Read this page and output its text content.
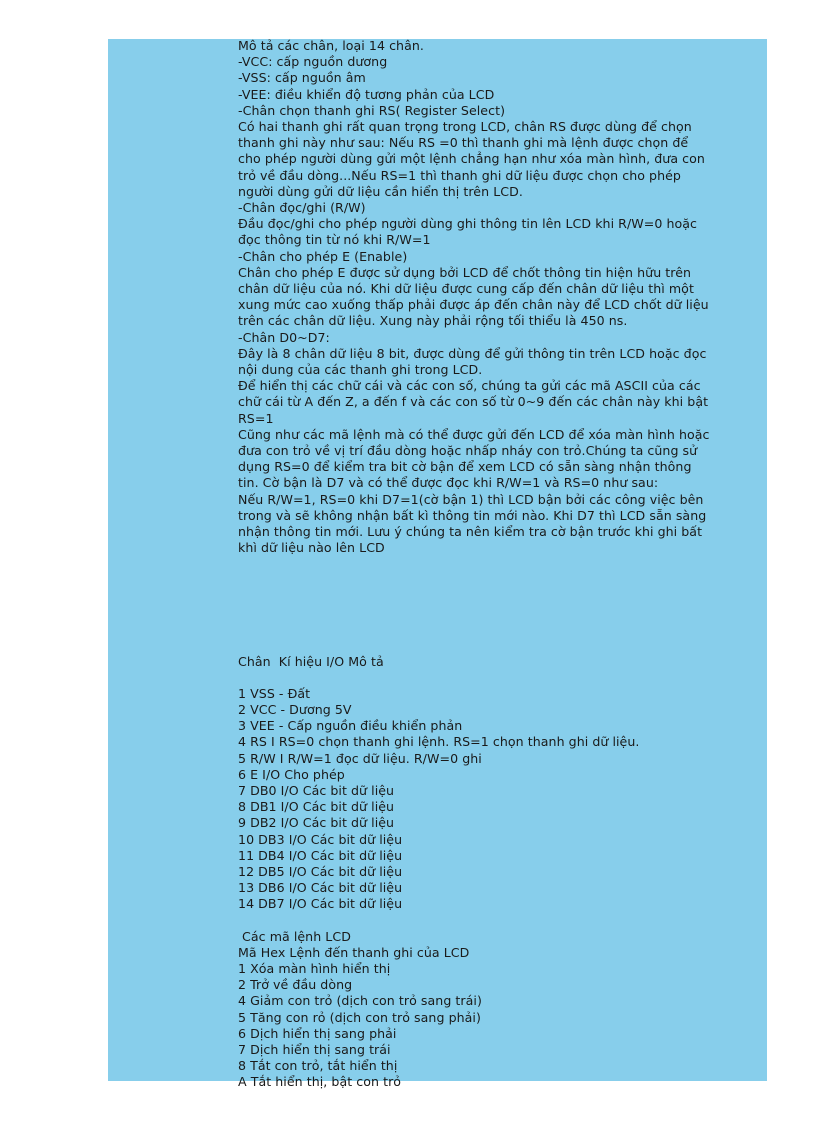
Mô tả các chân, loại 14 chân.
-VCC: cấp nguồn dương
-VSS: cấp nguồn âm
-VEE: điều khiển độ tương phản của LCD
-Chân chọn thanh ghi RS( Register Select)
Có hai thanh ghi rất quan trọng trong LCD, chân RS được dùng để chọn
thanh ghi này như sau: Nếu RS =0 thì thanh ghi mà lệnh được chọn để
cho phép người dùng gửi một lệnh chẳng hạn như xóa màn hình, đưa con
trỏ về đầu dòng...Nếu RS=1 thì thanh ghi dữ liệu được chọn cho phép
người dùng gửi dữ liệu cần hiển thị trên LCD.
-Chân đọc/ghi (R/W)
Đầu đọc/ghi cho phép người dùng ghi thông tin lên LCD khi R/W=0 hoặc
đọc thông tin từ nó khi R/W=1
-Chân cho phép E (Enable)
Chân cho phép E được sử dụng bởi LCD để chốt thông tin hiện hữu trên
chân dữ liệu của nó. Khi dữ liệu được cung cấp đến chân dữ liệu thì một
xung mức cao xuống thấp phải được áp đến chân này để LCD chốt dữ liệu
trên các chân dữ liệu. Xung này phải rộng tối thiểu là 450 ns.
-Chân D0~D7:
Đây là 8 chân dữ liệu 8 bit, được dùng để gửi thông tin trên LCD hoặc đọc
nội dung của các thanh ghi trong LCD.
Để hiển thị các chữ cái và các con số, chúng ta gửi các mã ASCII của các
chữ cái từ A đến Z, a đến f và các con số từ 0~9 đến các chân này khi bật
RS=1
Cũng như các mã lệnh mà có thể được gửi đến LCD để xóa màn hình hoặc
đưa con trỏ về vị trí đầu dòng hoặc nhấp nháy con trỏ.Chúng ta cũng sử
dụng RS=0 để kiểm tra bit cờ bận để xem LCD có sẵn sàng nhận thông
tin. Cờ bận là D7 và có thể được đọc khi R/W=1 và RS=0 như sau:
Nếu R/W=1, RS=0 khi D7=1(cờ bận 1) thì LCD bận bởi các công việc bên
trong và sẽ không nhận bất kì thông tin mới nào. Khi D7 thì LCD sẵn sàng
nhận thông tin mới. Lưu ý chúng ta nên kiểm tra cờ bận trước khi ghi bất
khì dữ liệu nào lên LCD
Chân  Kí hiệu I/O Mô tả
1 VSS - Đất
2 VCC - Dương 5V
3 VEE - Cấp nguồn điều khiển phản
4 RS I RS=0 chọn thanh ghi lệnh. RS=1 chọn thanh ghi dữ liệu.
5 R/W I R/W=1 đọc dữ liệu. R/W=0 ghi
6 E I/O Cho phép
7 DB0 I/O Các bit dữ liệu
8 DB1 I/O Các bit dữ liệu
9 DB2 I/O Các bit dữ liệu
10 DB3 I/O Các bit dữ liệu
11 DB4 I/O Các bit dữ liệu
12 DB5 I/O Các bit dữ liệu
13 DB6 I/O Các bit dữ liệu
14 DB7 I/O Các bit dữ liệu
Các mã lệnh LCD
Mã Hex Lệnh đến thanh ghi của LCD
1 Xóa màn hình hiển thị
2 Trở về đầu dòng
4 Giảm con trỏ (dịch con trỏ sang trái)
5 Tăng con rỏ (dịch con trỏ sang phải)
6 Dịch hiển thị sang phải
7 Dịch hiển thị sang trái
8 Tắt con trỏ, tắt hiển thị
A Tắt hiển thị, bật con trỏ
